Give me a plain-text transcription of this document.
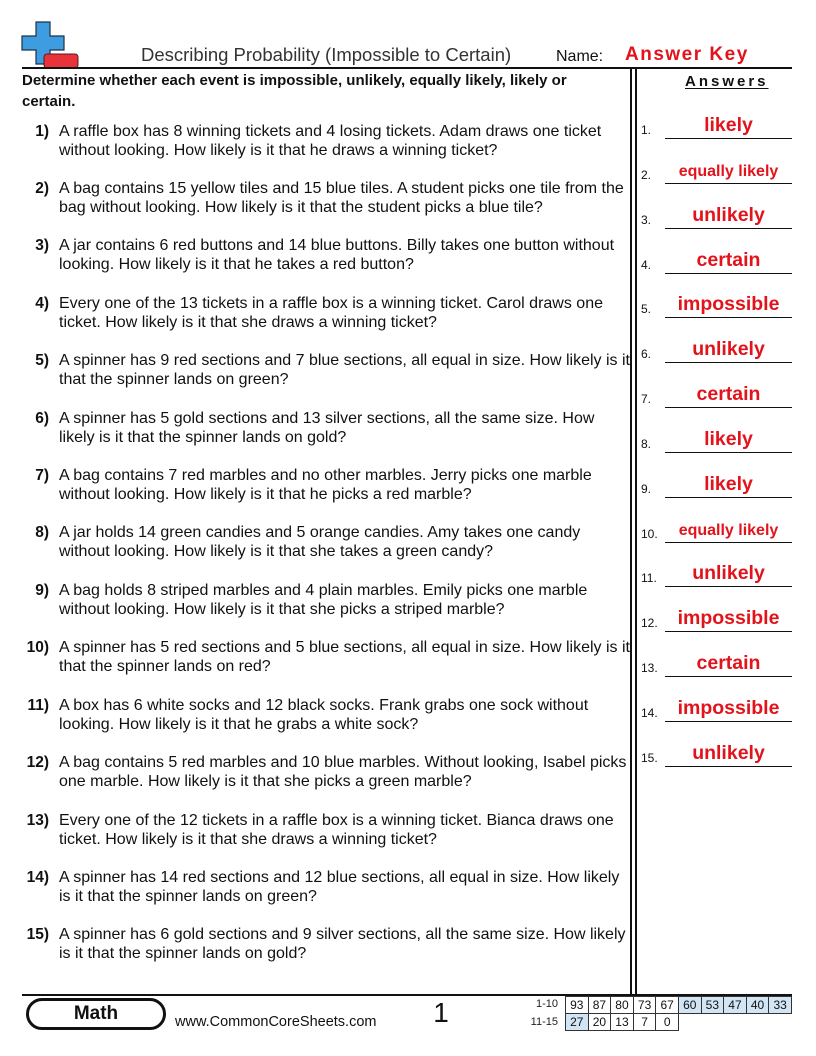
Describing Probability (Impossible to Certain)	Name: Answer Key
Determine whether each event is impossible, unlikely, equally likely, likely or certain.
1) A raffle box has 8 winning tickets and 4 losing tickets. Adam draws one ticket
without looking. How likely is it that he draws a winning ticket?
2) A bag contains 15 yellow tiles and 15 blue tiles. A student picks one tile from the
bag without looking. How likely is it that the student picks a blue tile?
3) A jar contains 6 red buttons and 14 blue buttons. Billy takes one button without
looking. How likely is it that he takes a red button?
4) Every one of the 13 tickets in a raffle box is a winning ticket. Carol draws one
ticket. How likely is it that she draws a winning ticket?
5) A spinner has 9 red sections and 7 blue sections, all equal in size. How likely is it
that the spinner lands on green?
6) A spinner has 5 gold sections and 13 silver sections, all the same size. How
likely is it that the spinner lands on gold?
7) A bag contains 7 red marbles and no other marbles. Jerry picks one marble
without looking. How likely is it that he picks a red marble?
8) A jar holds 14 green candies and 5 orange candies. Amy takes one candy
without looking. How likely is it that she takes a green candy?
9) A bag holds 8 striped marbles and 4 plain marbles. Emily picks one marble
without looking. How likely is it that she picks a striped marble?
10) A spinner has 5 red sections and 5 blue sections, all equal in size. How likely is it
that the spinner lands on red?
11) A box has 6 white socks and 12 black socks. Frank grabs one sock without
looking. How likely is it that he grabs a white sock?
12) A bag contains 5 red marbles and 10 blue marbles. Without looking, Isabel picks
one marble. How likely is it that she picks a green marble?
13) Every one of the 12 tickets in a raffle box is a winning ticket. Bianca draws one
ticket. How likely is it that she draws a winning ticket?
14) A spinner has 14 red sections and 12 blue sections, all equal in size. How likely
is it that the spinner lands on green?
15) A spinner has 6 gold sections and 9 silver sections, all the same size. How likely
is it that the spinner lands on gold?
Answers
1.	likely
2.	equally likely
3.	unlikely
4.	certain
5.	impossible
6.	unlikely
7.	certain
8.	likely
9.	likely
10.	equally likely
11.	unlikely
12.	impossible
13.	certain
14.	impossible
15.	unlikely
Math	www.CommonCoreSheets.com 1	1-10
11-15
93 87 80 73 67 60 53 47 40 33
27 20 13	7	0
